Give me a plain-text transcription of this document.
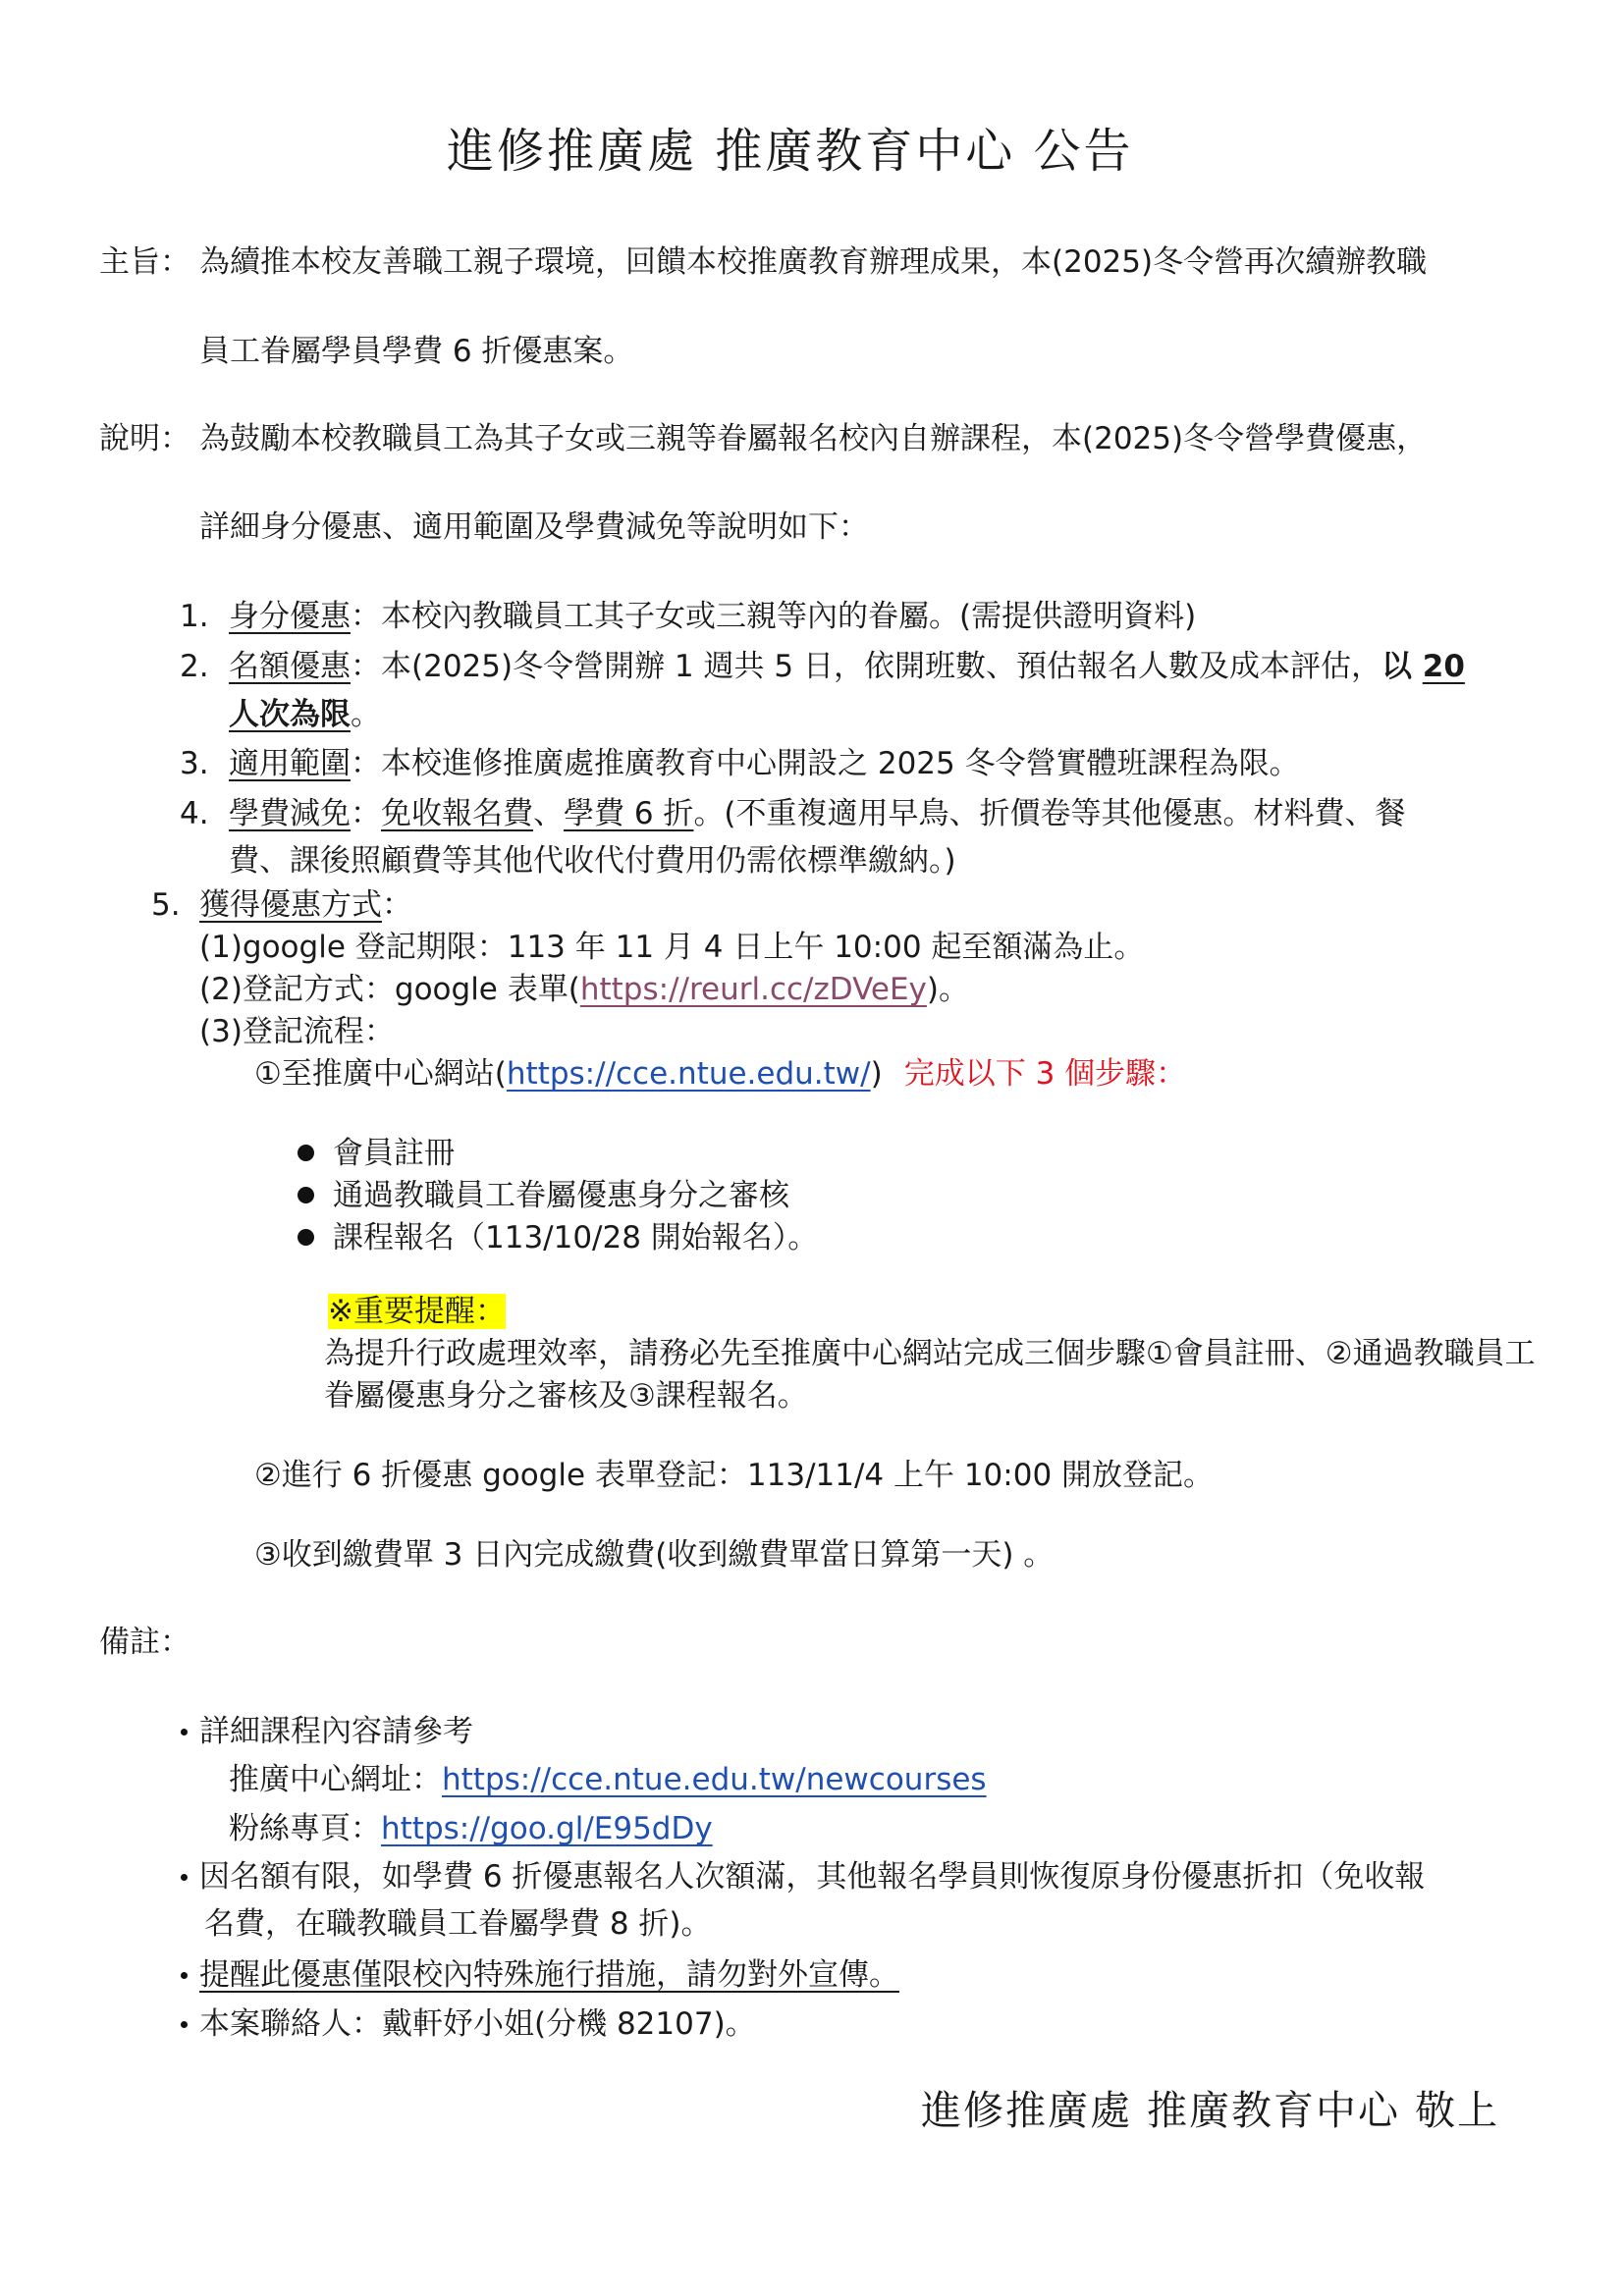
進修推廣處 推廣教育中心 公告
主旨： 為續推本校友善職工親子環境，回饋本校推廣教育辦理成果，本(2025)冬令營再次續辦教職
員工眷屬學員學費 6 折優惠案。
說明： 為鼓勵本校教職員工為其子女或三親等眷屬報名校內自辦課程，本(2025)冬令營學費優惠，
詳細身分優惠、適用範圍及學費減免等說明如下：
1. 身分優惠：本校內教職員工其子女或三親等內的眷屬。(需提供證明資料)
2. 名額優惠：本(2025)冬令營開辦 1 週共 5 日，依開班數、預估報名人數及成本評估，以 20
人次為限。
3. 適用範圍：本校進修推廣處推廣教育中心開設之 2025 冬令營實體班課程為限。
4. 學費減免：免收報名費、學費 6 折。(不重複適用早鳥、折價卷等其他優惠。材料費、餐
費、課後照顧費等其他代收代付費用仍需依標準繳納。)
5. 獲得優惠方式：
(1)google 登記期限：113 年 11 月 4 日上午 10:00 起至額滿為止。
(2)登記方式：google 表單(https://reurl.cc/zDVeEy)。
(3)登記流程：
①至推廣中心網站(https://cce.ntue.edu.tw/) 完成以下 3 個步驟：
會員註冊
通過教職員工眷屬優惠身分之審核
課程報名（113/10/28 開始報名）。
※重要提醒：
為提升行政處理效率，請務必先至推廣中心網站完成三個步驟①會員註冊、②通過教職員工
眷屬優惠身分之審核及③課程報名。
②進行 6 折優惠 google 表單登記：113/11/4 上午 10:00 開放登記。
③收到繳費單 3 日內完成繳費(收到繳費單當日算第一天) 。
備註：
詳細課程內容請參考
推廣中心網址：https://cce.ntue.edu.tw/newcourses
粉絲專頁：https://goo.gl/E95dDy
因名額有限，如學費 6 折優惠報名人次額滿，其他報名學員則恢復原身份優惠折扣（免收報
名費，在職教職員工眷屬學費 8 折)。
提醒此優惠僅限校內特殊施行措施，請勿對外宣傳。
本案聯絡人：戴軒妤小姐(分機 82107)。
進修推廣處 推廣教育中心 敬上
